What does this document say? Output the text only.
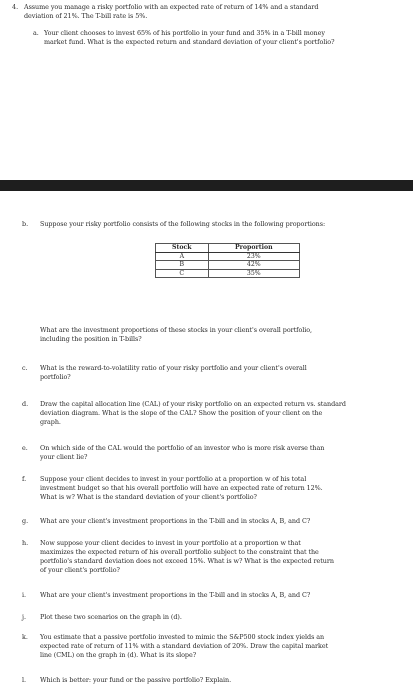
4. Assume you manage a risky portfolio with an expected rate of return of 14% and a standard
deviation of 21%. The T-bill rate is 5%.
a. Your client chooses to invest 65% of his portfolio in your fund and 35% in a T-bill money
market fund. What is the expected return and standard deviation of your client's portfolio?
b. Suppose your risky portfolio consists of the following stocks in the following proportions:
Stock	Proportion
A	23%
B	42%
C	35%
What are the investment proportions of these stocks in your client's overall portfolio,
including the position in T-bills?
c. What is the reward-to-volatility ratio of your risky portfolio and your client's overall
portfolio?
d. Draw the capital allocation line (CAL) of your risky portfolio on an expected return vs. standard
deviation diagram. What is the slope of the CAL? Show the position of your client on the
graph.
e. On which side of the CAL would the portfolio of an investor who is more risk averse than
your client lie?
f. Suppose your client decides to invest in your portfolio at a proportion w of his total
investment budget so that his overall portfolio will have an expected rate of return 12%.
What is w? What is the standard deviation of your client's portfolio?
g. What are your client's investment proportions in the T-bill and in stocks A, B, and C?
h. Now suppose your client decides to invest in your portfolio at a proportion w that
maximizes the expected return of his overall portfolio subject to the constraint that the
portfolio's standard deviation does not exceed 15%. What is w? What is the expected return
of your client's portfolio?
i. What are your client's investment proportions in the T-bill and in stocks A, B, and C?
j. Plot these two scenarios on the graph in (d).
k. You estimate that a passive portfolio invested to mimic the S&P500 stock index yields an
expected rate of return of 11% with a standard deviation of 20%. Draw the capital market
line (CML) on the graph in (d). What is its slope?
l. Which is better: your fund or the passive portfolio? Explain.
